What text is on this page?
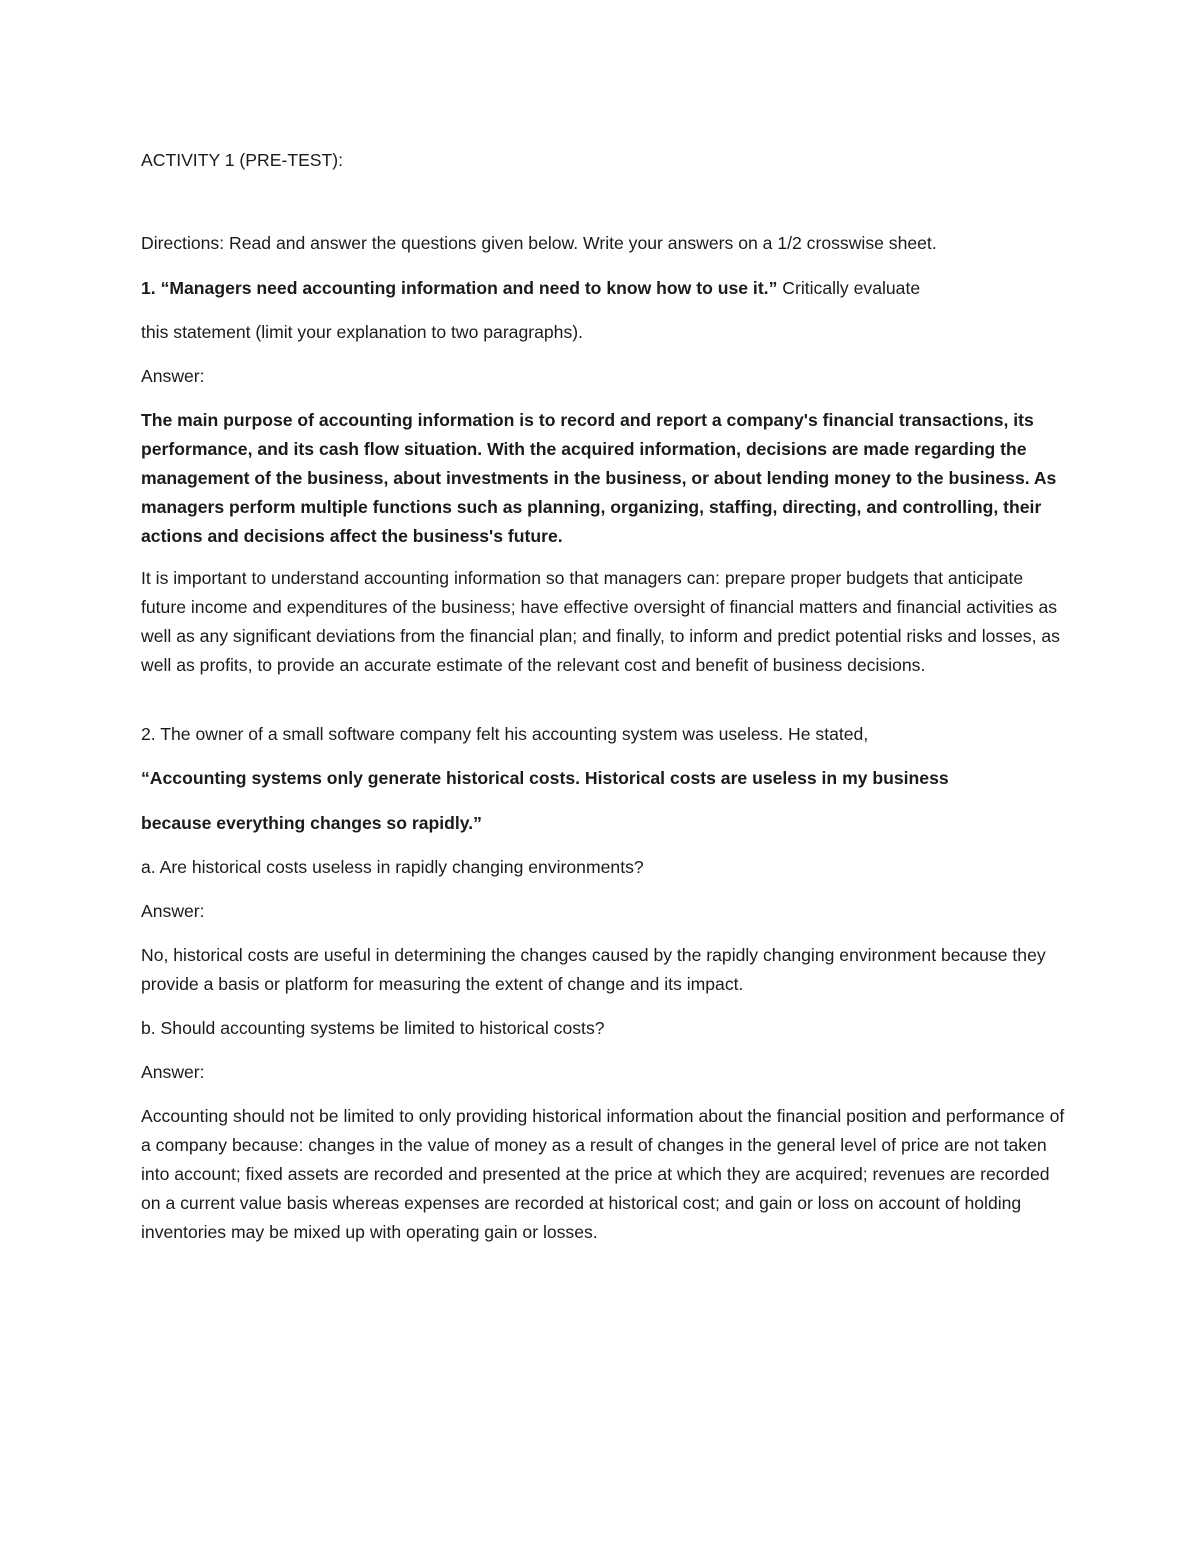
ACTIVITY 1 (PRE-TEST):

Directions: Read and answer the questions given below. Write your answers on a 1/2 crosswise sheet.

1. “Managers need accounting information and need to know how to use it.” Critically evaluate

this statement (limit your explanation to two paragraphs).

Answer:

The main purpose of accounting information is to record and report a company's financial transactions, its performance, and its cash flow situation. With the acquired information, decisions are made regarding the management of the business, about investments in the business, or about lending money to the business. As managers perform multiple functions such as planning, organizing, staffing, directing, and controlling, their actions and decisions affect the business's future.

It is important to understand accounting information so that managers can: prepare proper budgets that anticipate future income and expenditures of the business; have effective oversight of financial matters and financial activities as well as any significant deviations from the financial plan; and finally, to inform and predict potential risks and losses, as well as profits, to provide an accurate estimate of the relevant cost and benefit of business decisions.

2. The owner of a small software company felt his accounting system was useless. He stated,

“Accounting systems only generate historical costs. Historical costs are useless in my business

because everything changes so rapidly.”

a. Are historical costs useless in rapidly changing environments?

Answer:

No, historical costs are useful in determining the changes caused by the rapidly changing environment because they provide a basis or platform for measuring the extent of change and its impact.

b. Should accounting systems be limited to historical costs?

Answer:

Accounting should not be limited to only providing historical information about the financial position and performance of a company because: changes in the value of money as a result of changes in the general level of price are not taken into account; fixed assets are recorded and presented at the price at which they are acquired; revenues are recorded on a current value basis whereas expenses are recorded at historical cost; and gain or loss on account of holding inventories may be mixed up with operating gain or losses.
